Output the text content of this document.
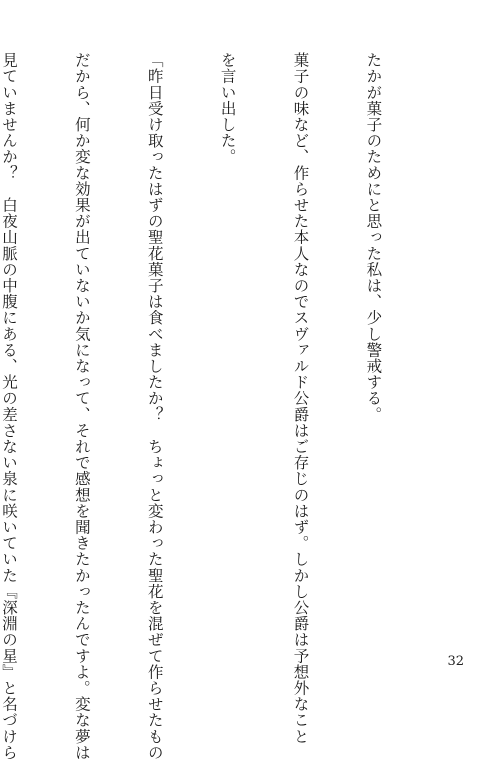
たかが菓子のためにと思った私は、少し警戒する。

菓子の味など、作らせた本人なのでスヴァルド公爵はご存じのはず。しかし公爵は予想外なこと

を言い出した。

「昨日受け取ったはずの聖花菓子は食べましたか？　ちょっと変わった聖花を混ぜて作らせたもの

だから、何か変な効果が出ていないか気になって、それで感想を聞きたかったんですよ。変な夢は

見ていませんか？　白夜山脈の中腹にある、光の差さない泉に咲いていた『深淵の星』と名づけら

	32
